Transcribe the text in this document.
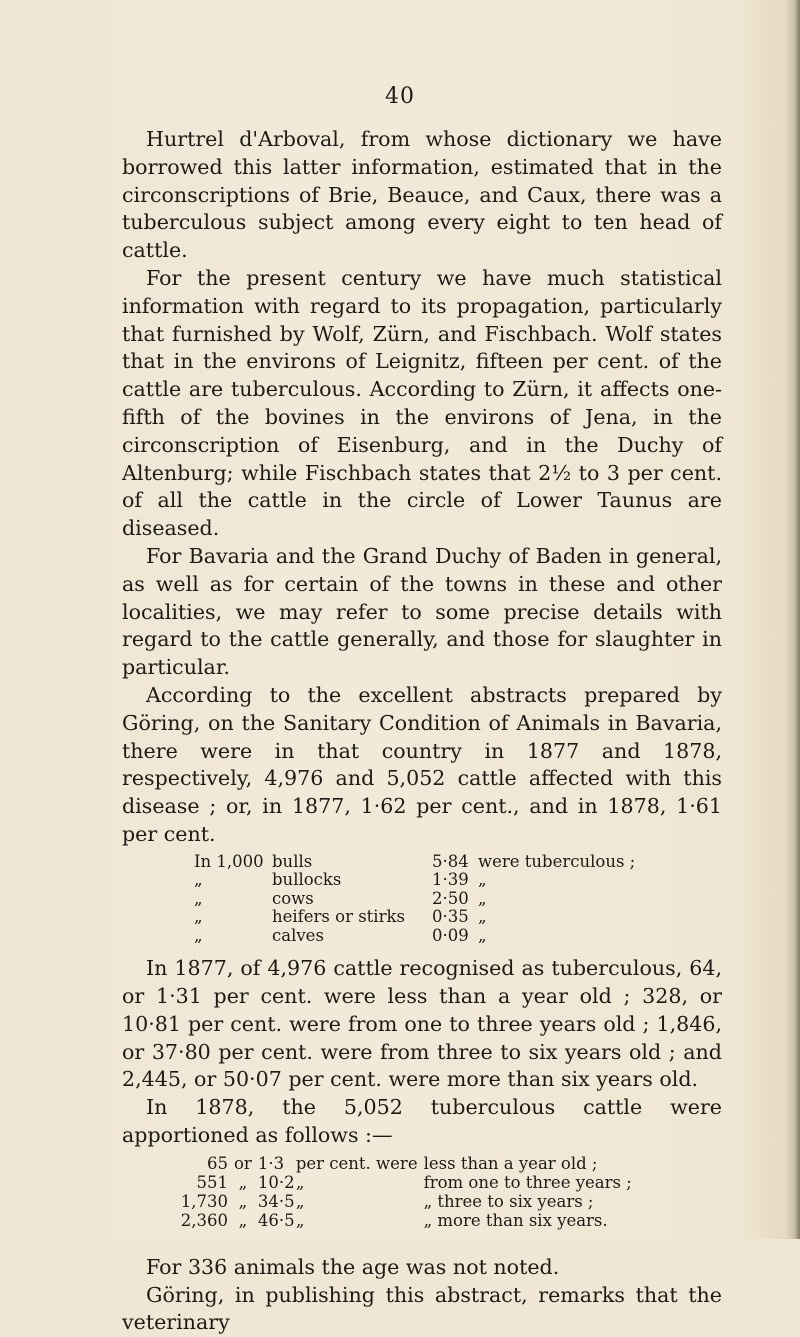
40

Hurtrel d'Arboval, from whose dictionary we have borrowed this latter information, estimated that in the circonscriptions of Brie, Beauce, and Caux, there was a tuberculous subject among every eight to ten head of cattle.

For the present century we have much statistical information with regard to its propagation, particularly that furnished by Wolf, Zürn, and Fischbach. Wolf states that in the environs of Leignitz, fifteen per cent. of the cattle are tuberculous. According to Zürn, it affects one-fifth of the bovines in the environs of Jena, in the circonscription of Eisenburg, and in the Duchy of Altenburg; while Fischbach states that 2½ to 3 per cent. of all the cattle in the circle of Lower Taunus are diseased.

For Bavaria and the Grand Duchy of Baden in general, as well as for certain of the towns in these and other localities, we may refer to some precise details with regard to the cattle generally, and those for slaughter in particular.

According to the excellent abstracts prepared by Göring, on the Sanitary Condition of Animals in Bavaria, there were in that country in 1877 and 1878, respectively, 4,976 and 5,052 cattle affected with this disease ; or, in 1877, 1·62 per cent., and in 1878, 1·61 per cent.

In 1,000	bulls	5·84	were tuberculous ;
„	bullocks	1·39	„
„	cows	2·50	„
„	heifers or stirks	0·35	„
„	calves	0·09	„

In 1877, of 4,976 cattle recognised as tuberculous, 64, or 1·31 per cent. were less than a year old ; 328, or 10·81 per cent. were from one to three years old ; 1,846, or 37·80 per cent. were from three to six years old ; and 2,445, or 50·07 per cent. were more than six years old.

In 1878, the 5,052 tuberculous cattle were apportioned as follows :—

65	or	1·3	per cent. were	less than a year old ;
551	„	10·2	„	from one to three years ;
1,730	„	34·5	„	„ three to six years ;
2,360	„	46·5	„	„ more than six years.

For 336 animals the age was not noted.

Göring, in publishing this abstract, remarks that the veterinary
